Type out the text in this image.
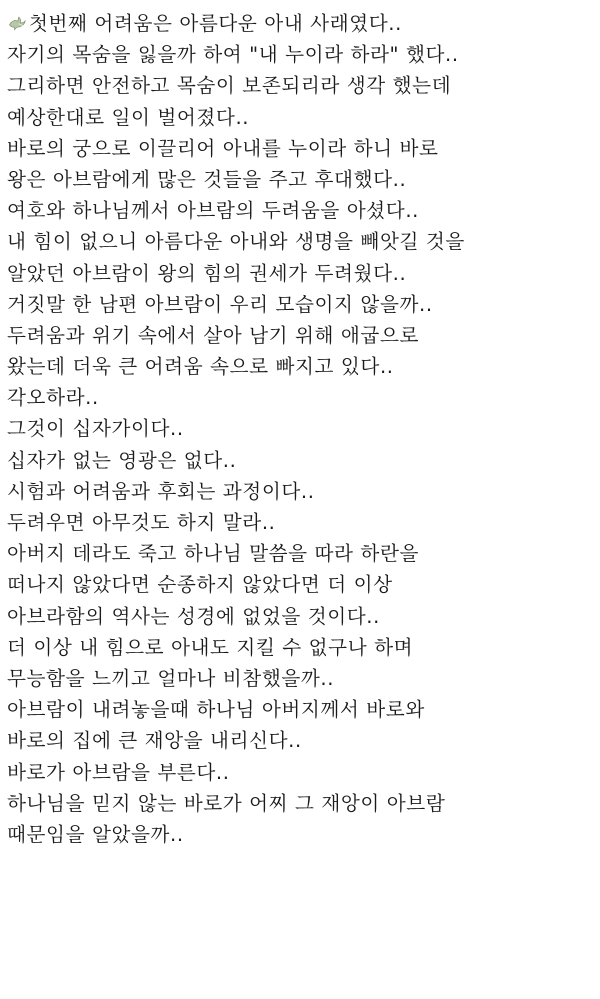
첫번째 어려움은 아름다운 아내 사래였다..
자기의 목숨을 잃을까 하여 "내 누이라 하라" 했다..
그리하면 안전하고 목숨이 보존되리라 생각 했는데
예상한대로 일이 벌어졌다..
바로의 궁으로 이끌리어 아내를 누이라 하니 바로
왕은 아브람에게 많은 것들을 주고 후대했다..
여호와 하나님께서 아브람의 두려움을 아셨다..
내 힘이 없으니 아름다운 아내와 생명을 빼앗길 것을
알았던 아브람이 왕의 힘의 권세가 두려웠다..
거짓말 한 남편 아브람이 우리 모습이지 않을까..
두려움과 위기 속에서 살아 남기 위해 애굽으로
왔는데 더욱 큰 어려움 속으로 빠지고 있다..
각오하라..
그것이 십자가이다..
십자가 없는 영광은 없다..
시험과 어려움과 후회는 과정이다..
두려우면 아무것도 하지 말라..
아버지 데라도 죽고 하나님 말씀을 따라 하란을
떠나지 않았다면 순종하지 않았다면 더 이상
아브라함의 역사는 성경에 없었을 것이다..
더 이상 내 힘으로 아내도 지킬 수 없구나 하며
무능함을 느끼고 얼마나 비참했을까..
아브람이 내려놓을때 하나님 아버지께서 바로와
바로의 집에 큰 재앙을 내리신다..
바로가 아브람을 부른다..
하나님을 믿지 않는 바로가 어찌 그 재앙이 아브람
때문임을 알았을까..
